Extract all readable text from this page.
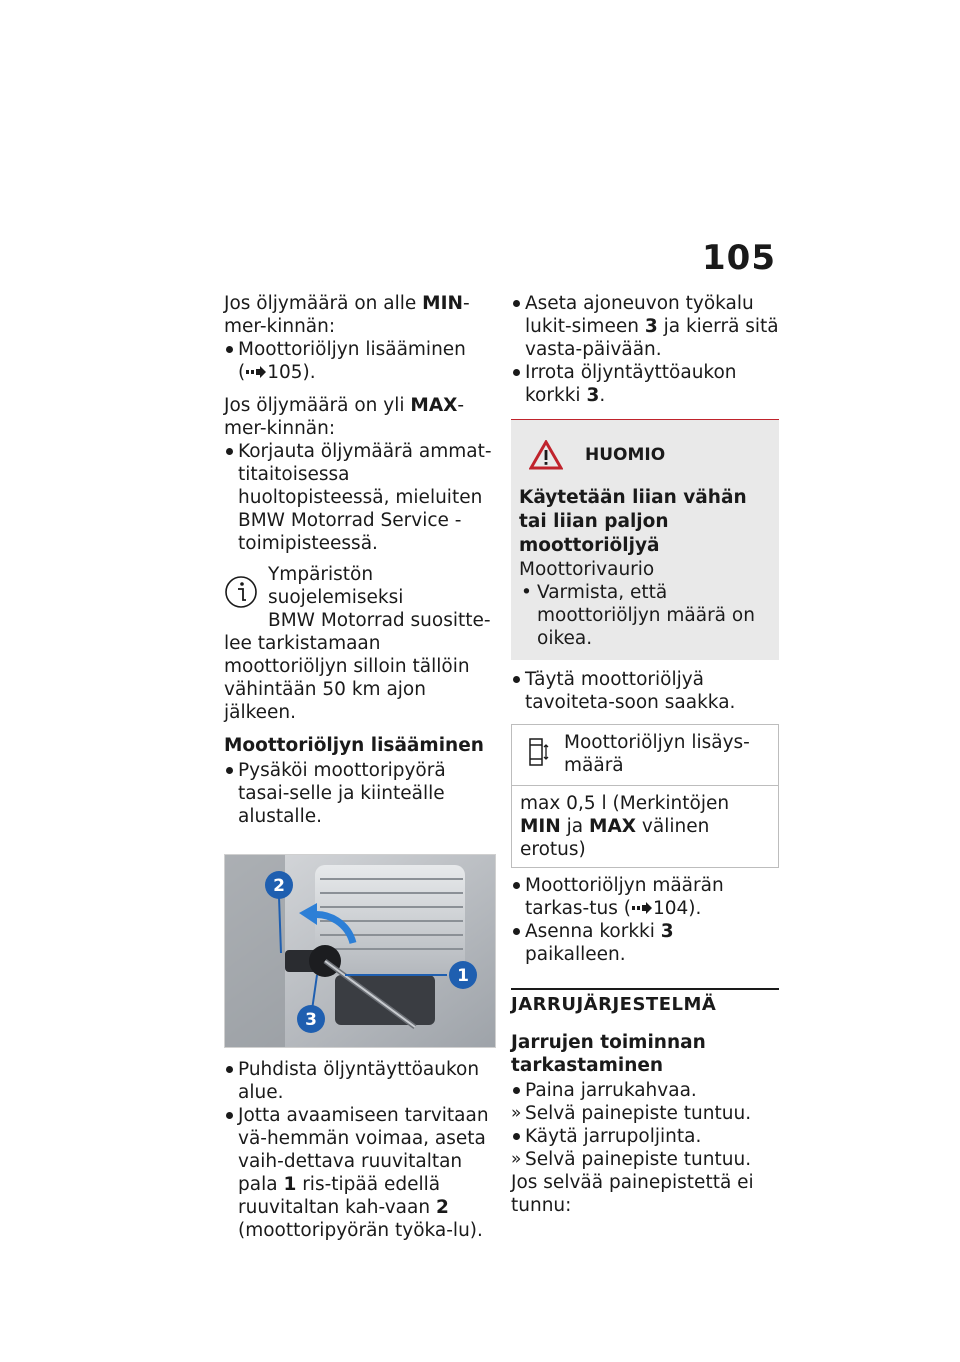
105

Jos öljymäärä on alle MIN-mer-kinnän:

Moottoriöljyn lisääminen
( 105).

Jos öljymäärä on yli MAX-mer-kinnän:

Korjauta öljymäärä ammat-titaitoisessa huoltopisteessä, mieluiten BMW Motorrad Service -toimipisteessä.
Ympäristön suojelemiseksi
BMW Motorrad suositte-
lee tarkistamaan moottoriöljyn silloin tällöin vähintään 50 km ajon jälkeen.
Moottoriöljyn lisääminen
Pysäköi moottoripyörä tasai-selle ja kiinteälle alustalle.
1
2
3
Puhdista öljyntäyttöaukon alue.
Jotta avaamiseen tarvitaan vä-hemmän voimaa, aseta vaih-dettava ruuvitaltan pala 1 ris-tipää edellä ruuvitaltan kah-vaan 2 (moottoripyörän työka-lu).
Aseta ajoneuvon työkalu lukit-simeen 3 ja kierrä sitä vasta-päivään.
Irrota öljyntäyttöaukon korkki 3.
HUOMIO
Käytetään liian vähän tai liian paljon moottoriöljyä
Moottorivaurio
• Varmista, että moottoriöljyn määrä on oikea.
Täytä moottoriöljyä tavoiteta-soon saakka.
Moottoriöljyn lisäys-määrä
max 0,5 l (Merkintöjen MIN ja MAX välinen erotus)
Moottoriöljyn määrän tarkas-tus ( 104).
Asenna korkki 3 paikalleen.
JARRUJÄRJESTELMÄ
Jarrujen toiminnan tarkastaminen
Paina jarrukahvaa.
» Selvä painepiste tuntuu.
Käytä jarrupoljinta.
» Selvä painepiste tuntuu.
Jos selvää painepistettä ei tunnu:
